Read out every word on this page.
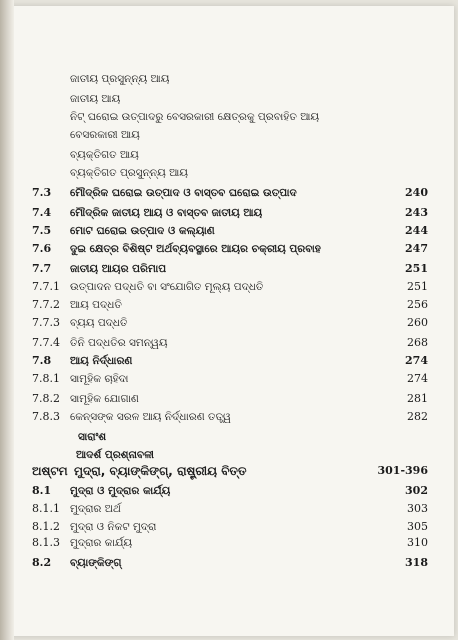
ଜାତୀୟ ପ୍ରସୁନ୍ନ୍ୟ ଆୟ
ଜାତୀୟ ଆୟ
ନିଟ୍ ଘରୋଇ ଉତ୍ପାଦରୁ ବେସରକାରୀ କ୍ଷେତ୍ରକୁ ପ୍ରବାହିତ ଆୟ
ବେସରକାରୀ ଆୟ
ବ୍ୟକ୍ତିଗତ ଆୟ
ବ୍ୟକ୍ତିଗତ ପ୍ରସୁନ୍ନ୍ୟ ଆୟ
7.3 ମୌଦ୍ରିକ ଘରୋଇ ଉତ୍ପାଦ ଓ ବାସ୍ତବ ଘରୋଇ ଉତ୍ପାଦ	240
7.4 ମୌଦ୍ରିକ ଜାତୀୟ ଆୟ ଓ ବାସ୍ତବ ଜାତୀୟ ଆୟ	243
7.5 ମୋଟ ଘରୋଇ ଉତ୍ପାଦ ଓ କଲ୍ୟାଣ	244
7.6 ଦୁଇ କ୍ଷେତ୍ର ବିଶିଷ୍ଟ ଅର୍ଥବ୍ୟବସ୍ଥାରେ ଆୟର ଚକ୍ରୀୟ ପ୍ରବାହ	247
7.7 ଜାତୀୟ ଆୟର ପରିମାପ	251
7.7.1 ଉତ୍ପାଦନ ପଦ୍ଧତି ବା ସଂଯୋଗିତ ମୂଲ୍ୟ ପଦ୍ଧତି	251
7.7.2 ଆୟ ପଦ୍ଧତି	256
7.7.3 ବ୍ୟୟ ପଦ୍ଧତି	260
7.7.4 ତିନି ପଦ୍ଧତିର ସମନ୍ୱୟ	268
7.8 ଆୟ ନିର୍ଦ୍ଧାରଣ	274
7.8.1 ସାମୂହିକ ଚାହିଦା	274
7.8.2 ସାମୂହିକ ଯୋଗାଣ	281
7.8.3 କେନ୍ସଙ୍କ ସରଳ ଆୟ ନିର୍ଦ୍ଧାରଣ ତତ୍ତ୍ୱ	282
ସାରାଂଶ
ଆଦର୍ଶ ପ୍ରଶ୍ନାବଳୀ
ଅଷ୍ଟମ ମୁଦ୍ରା, ବ୍ୟାଙ୍କିଙ୍ଗ୍, ରାଷ୍ଟ୍ରୀୟ ବିତ୍ତ	301-396
8.1 ମୁଦ୍ରା ଓ ମୁଦ୍ରାର କାର୍ଯ୍ୟ	302
8.1.1 ମୁଦ୍ରାର ଅର୍ଥ	303
8.1.2 ମୁଦ୍ରା ଓ ନିକଟ ମୁଦ୍ରା	305
8.1.3 ମୁଦ୍ରାର କାର୍ଯ୍ୟ	310
8.2 ବ୍ୟାଙ୍କିଙ୍ଗ୍	318
